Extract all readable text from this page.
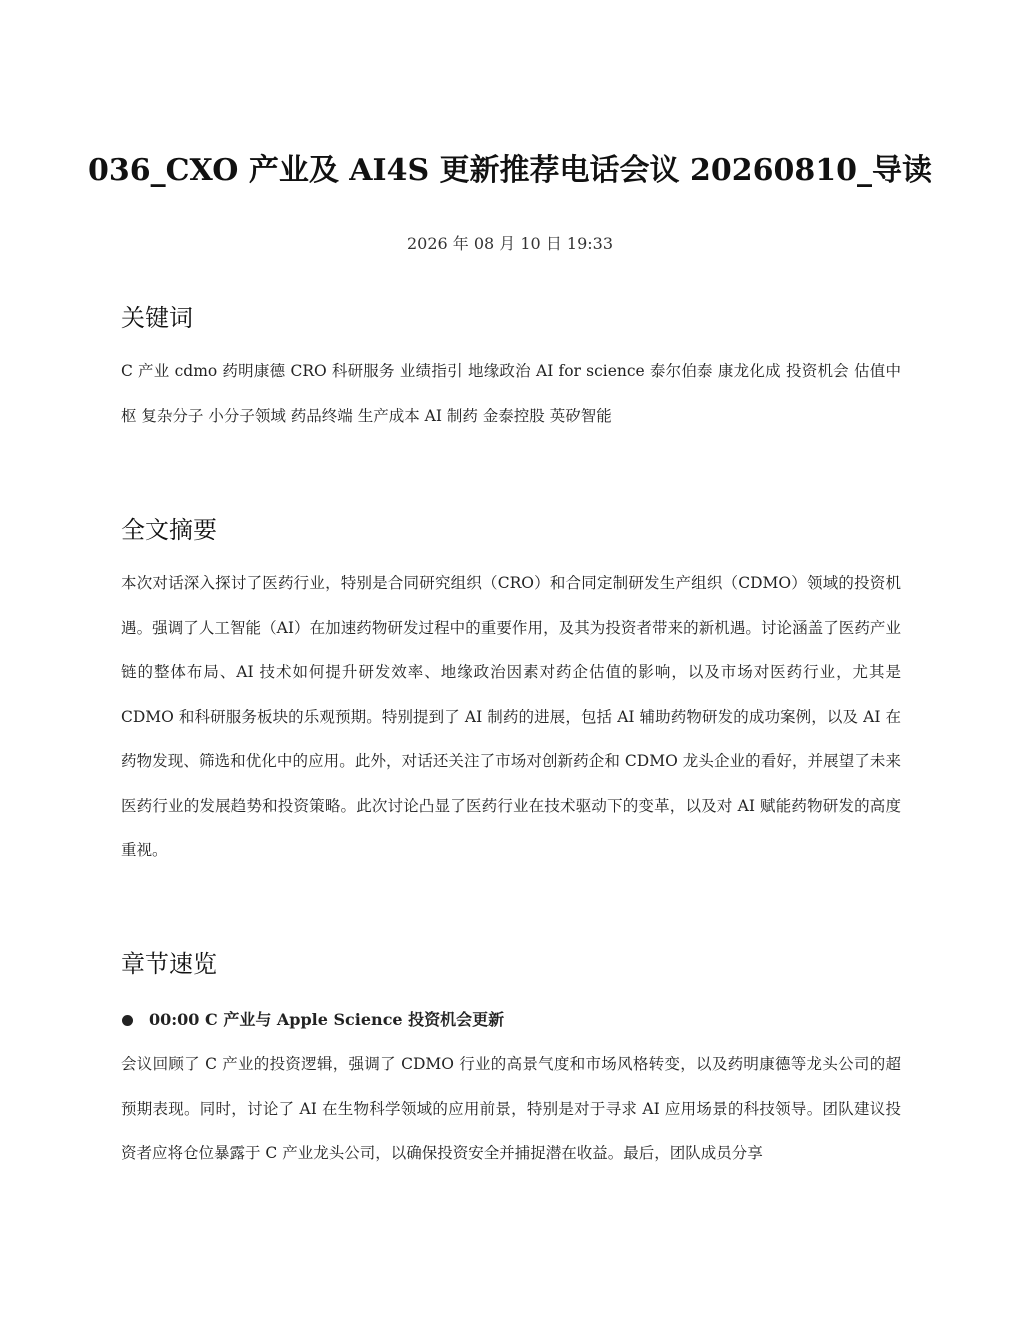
036_CXO 产业及 AI4S 更新推荐电话会议 20260810_导读
2026 年 08 月 10 日 19:33
关键词

C 产业 cdmo 药明康德 CRO 科研服务 业绩指引 地缘政治 AI for science 泰尔伯泰 康龙化成 投资机会 估值中枢 复杂分子 小分子领域 药品终端 生产成本 AI 制药 金泰控股 英矽智能

全文摘要

本次对话深入探讨了医药行业，特别是合同研究组织（CRO）和合同定制研发生产组织（CDMO）领域的投资机遇。强调了人工智能（AI）在加速药物研发过程中的重要作用，及其为投资者带来的新机遇。讨论涵盖了医药产业链的整体布局、AI 技术如何提升研发效率、地缘政治因素对药企估值的影响，以及市场对医药行业，尤其是 CDMO 和科研服务板块的乐观预期。特别提到了 AI 制药的进展，包括 AI 辅助药物研发的成功案例，以及 AI 在药物发现、筛选和优化中的应用。此外，对话还关注了市场对创新药企和 CDMO 龙头企业的看好，并展望了未来医药行业的发展趋势和投资策略。此次讨论凸显了医药行业在技术驱动下的变革，以及对 AI 赋能药物研发的高度重视。

章节速览
00:00 C 产业与 Apple Science 投资机会更新

会议回顾了 C 产业的投资逻辑，强调了 CDMO 行业的高景气度和市场风格转变，以及药明康德等龙头公司的超预期表现。同时，讨论了 AI 在生物科学领域的应用前景，特别是对于寻求 AI 应用场景的科技领导。团队建议投资者应将仓位暴露于 C 产业龙头公司，以确保投资安全并捕捉潜在收益。最后，团队成员分享
